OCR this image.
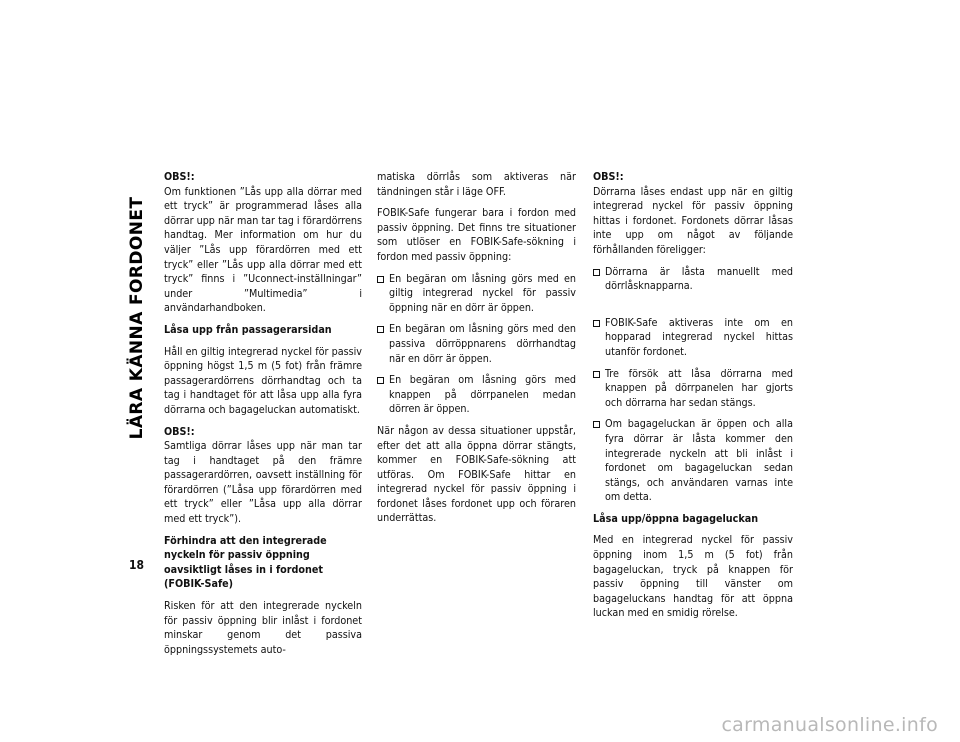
LÄRA KÄNNA FORDONET
18
OBS!:

Om funktionen ”Lås upp alla dörrar med ett tryck” är programmerad låses alla dörrar upp när man tar tag i förardörrens handtag. Mer information om hur du väljer ”Lås upp förardörren med ett tryck” eller ”Lås upp alla dörrar med ett tryck” finns i ”Uconnect-inställningar” under ”Multimedia” i användarhandboken.

Låsa upp från passagerarsidan

Håll en giltig integrerad nyckel för passiv öppning högst 1,5 m (5 fot) från främre passagerardörrens dörrhandtag och ta tag i handtaget för att låsa upp alla fyra dörrarna och bagageluckan automatiskt.

OBS!:

Samtliga dörrar låses upp när man tar tag i handtaget på den främre passagerardörren, oavsett inställning för förardörren (”Låsa upp förardörren med ett tryck” eller ”Låsa upp alla dörrar med ett tryck”).

Förhindra att den integrerade nyckeln för passiv öppning oavsiktligt låses in i fordonet (FOBIK-Safe)

Risken för att den integrerade nyckeln för passiv öppning blir inlåst i fordonet minskar genom det passiva öppningssystemets auto-

matiska dörrlås som aktiveras när tändningen står i läge OFF.

FOBIK-Safe fungerar bara i fordon med passiv öppning. Det finns tre situationer som utlöser en FOBIK-Safe-sökning i fordon med passiv öppning:

En begäran om låsning görs med en giltig integrerad nyckel för passiv öppning när en dörr är öppen.
En begäran om låsning görs med den passiva dörröppnarens dörrhandtag när en dörr är öppen.
En begäran om låsning görs med knappen på dörrpanelen medan dörren är öppen.

När någon av dessa situationer uppstår, efter det att alla öppna dörrar stängts, kommer en FOBIK-Safe-sökning att utföras. Om FOBIK-Safe hittar en integrerad nyckel för passiv öppning i fordonet låses fordonet upp och föraren underrättas.

OBS!:

Dörrarna låses endast upp när en giltig integrerad nyckel för passiv öppning hittas i fordonet. Fordonets dörrar låsas inte upp om något av följande förhållanden föreligger:

Dörrarna är låsta manuellt med dörrlåsknapparna.
FOBIK-Safe aktiveras inte om en hopparad integrerad nyckel hittas utanför fordonet.
Tre försök att låsa dörrarna med knappen på dörrpanelen har gjorts och dörrarna har sedan stängs.
Om bagageluckan är öppen och alla fyra dörrar är låsta kommer den integrerade nyckeln att bli inlåst i fordonet om bagageluckan sedan stängs, och användaren varnas inte om detta.
Låsa upp/öppna bagageluckan

Med en integrerad nyckel för passiv öppning inom 1,5 m (5 fot) från bagageluckan, tryck på knappen för passiv öppning till vänster om bagageluckans handtag för att öppna luckan med en smidig rörelse.

carmanualsonline.info
